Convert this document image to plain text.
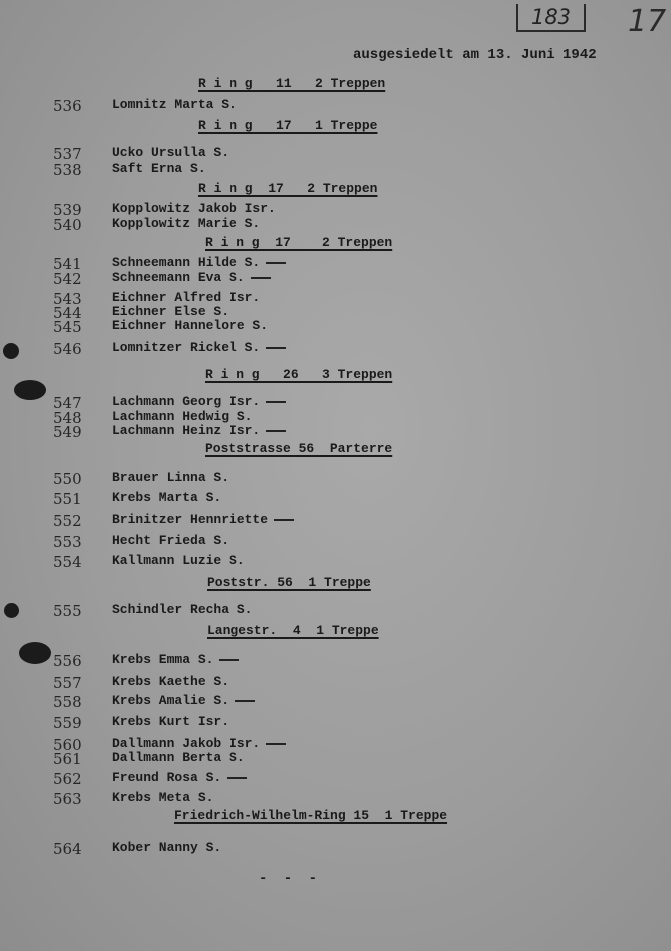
183	17
ausgesiedelt am 13. Juni 1942
R i n g   11   2 Treppen
536	Lomnitz Marta S.
R i n g   17   1 Treppe
537	Ucko Ursulla S.
538	Saft Erna S.
R i n g  17   2 Treppen
539	Kopplowitz Jakob Isr.
540	Kopplowitz Marie S.
R i n g  17    2 Treppen
541	Schneemann Hilde S.
542	Schneemann Eva S.
543	Eichner Alfred Isr.
544	Eichner Else S.
545	Eichner Hannelore S.
546	Lomnitzer Rickel S.
R i n g   26   3 Treppen
547	Lachmann Georg Isr.
548	Lachmann Hedwig S.
549	Lachmann Heinz Isr.
Poststrasse 56  Parterre
550	Brauer Linna S.
551	Krebs Marta S.
552	Brinitzer Hennriette
553	Hecht Frieda S.
554	Kallmann Luzie S.
Poststr. 56  1 Treppe
555	Schindler Recha S.
Langestr.  4  1 Treppe
556	Krebs Emma S.
557	Krebs Kaethe S.
558	Krebs Amalie S.
559	Krebs Kurt Isr.
560	Dallmann Jakob Isr.
561	Dallmann Berta S.
562	Freund Rosa S.
563	Krebs Meta S.
Friedrich-Wilhelm-Ring 15  1 Treppe
564	Kober Nanny S.
- - -
